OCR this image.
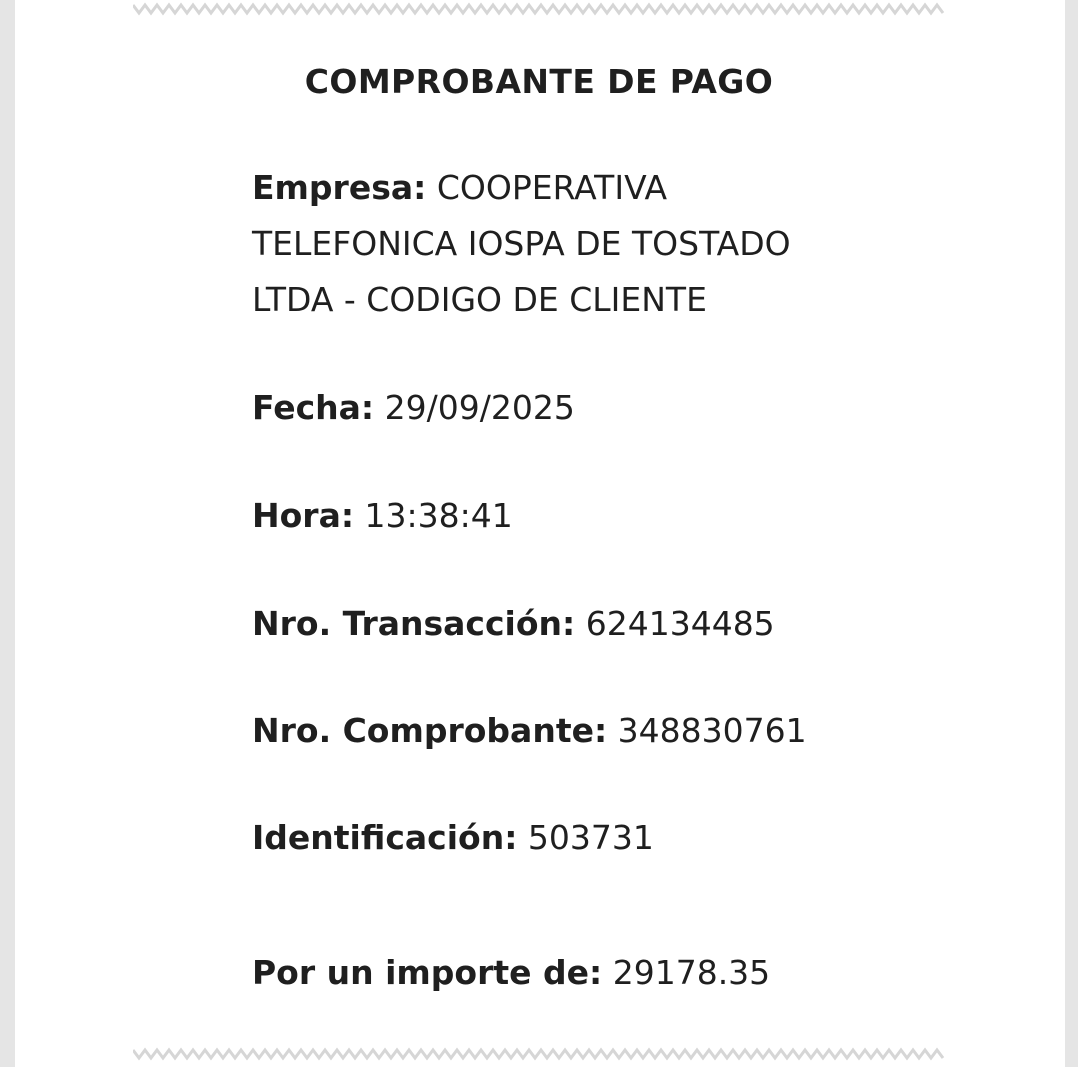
COMPROBANTE DE PAGO
Empresa: COOPERATIVA TELEFONICA IOSPA DE TOSTADO LTDA - CODIGO DE CLIENTE
Fecha: 29/09/2025
Hora: 13:38:41
Nro. Transacción: 624134485
Nro. Comprobante: 348830761
Identificación: 503731
Por un importe de: 29178.35
